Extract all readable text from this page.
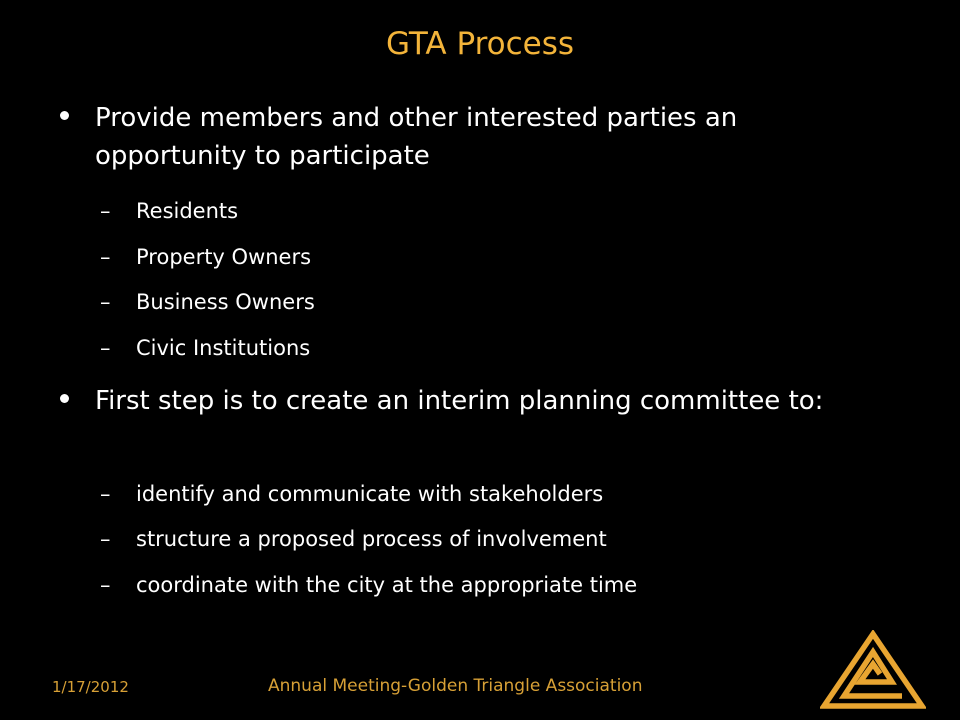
GTA Process
Provide members and other interested parties an opportunity to participate
– Residents
– Property Owners
– Business Owners
– Civic Institutions
First step is to create an interim planning committee to:
– identify and communicate with stakeholders
– structure a proposed process of involvement
– coordinate with the city at the appropriate time
1/17/2012	Annual Meeting-Golden Triangle Association
